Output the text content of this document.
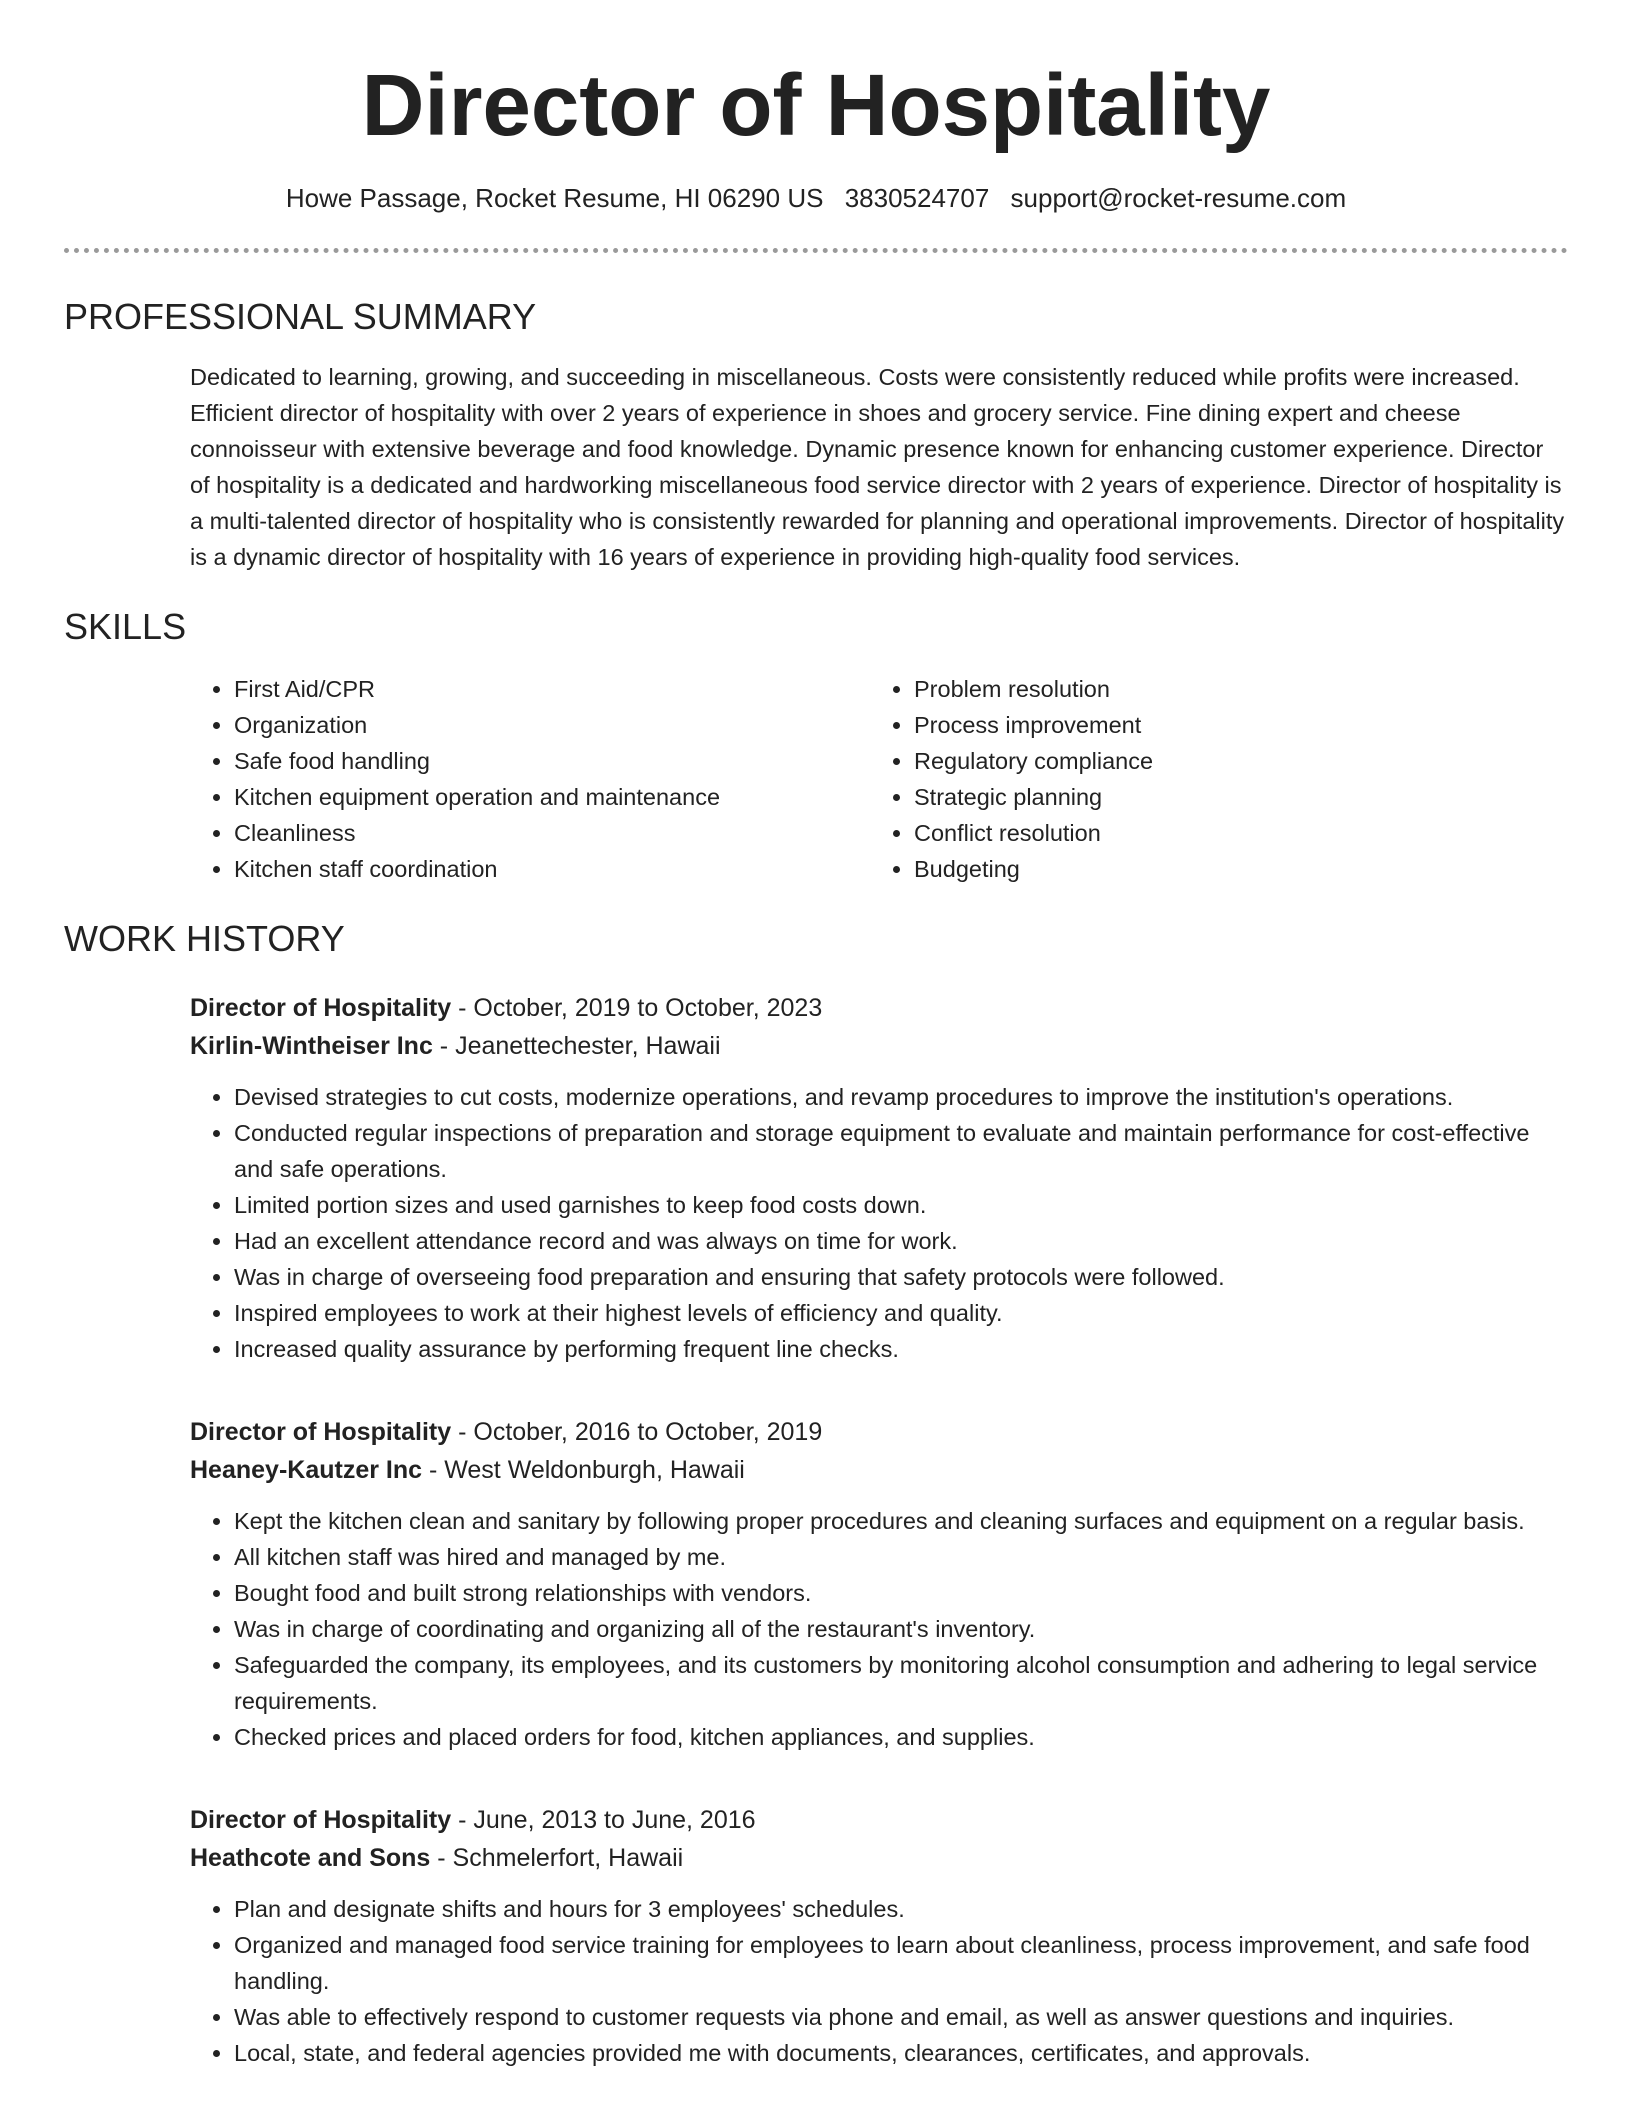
Director of Hospitality
Howe Passage, Rocket Resume, HI 06290 US 3830524707 support@rocket-resume.com
PROFESSIONAL SUMMARY

Dedicated to learning, growing, and succeeding in miscellaneous. Costs were consistently reduced while profits were increased. Efficient director of hospitality with over 2 years of experience in shoes and grocery service. Fine dining expert and cheese connoisseur with extensive beverage and food knowledge. Dynamic presence known for enhancing customer experience. Director of hospitality is a dedicated and hardworking miscellaneous food service director with 2 years of experience. Director of hospitality is a multi-talented director of hospitality who is consistently rewarded for planning and operational improvements. Director of hospitality is a dynamic director of hospitality with 16 years of experience in providing high-quality food services.

SKILLS
• First Aid/CPR
• Organization
• Safe food handling
• Kitchen equipment operation and maintenance
• Cleanliness
• Kitchen staff coordination
• Problem resolution
• Process improvement
• Regulatory compliance
• Strategic planning
• Conflict resolution
• Budgeting
WORK HISTORY
Director of Hospitality - October, 2019 to October, 2023
Kirlin-Wintheiser Inc - Jeanettechester, Hawaii
• Devised strategies to cut costs, modernize operations, and revamp procedures to improve the institution's operations.
• Conducted regular inspections of preparation and storage equipment to evaluate and maintain performance for cost-effective and safe operations.
• Limited portion sizes and used garnishes to keep food costs down.
• Had an excellent attendance record and was always on time for work.
• Was in charge of overseeing food preparation and ensuring that safety protocols were followed.
• Inspired employees to work at their highest levels of efficiency and quality.
• Increased quality assurance by performing frequent line checks.
Director of Hospitality - October, 2016 to October, 2019
Heaney-Kautzer Inc - West Weldonburgh, Hawaii
• Kept the kitchen clean and sanitary by following proper procedures and cleaning surfaces and equipment on a regular basis.
• All kitchen staff was hired and managed by me.
• Bought food and built strong relationships with vendors.
• Was in charge of coordinating and organizing all of the restaurant's inventory.
• Safeguarded the company, its employees, and its customers by monitoring alcohol consumption and adhering to legal service requirements.
• Checked prices and placed orders for food, kitchen appliances, and supplies.
Director of Hospitality - June, 2013 to June, 2016
Heathcote and Sons - Schmelerfort, Hawaii
• Plan and designate shifts and hours for 3 employees' schedules.
• Organized and managed food service training for employees to learn about cleanliness, process improvement, and safe food handling.
• Was able to effectively respond to customer requests via phone and email, as well as answer questions and inquiries.
• Local, state, and federal agencies provided me with documents, clearances, certificates, and approvals.
